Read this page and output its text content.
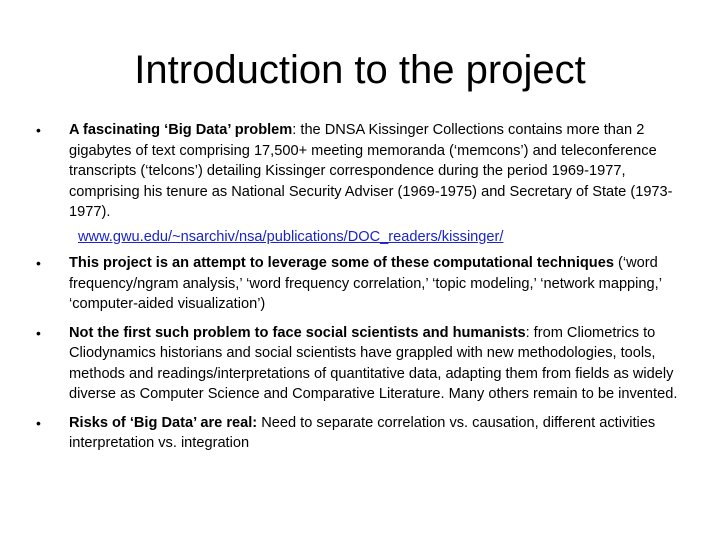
Introduction to the project
• A fascinating ‘Big Data’ problem: the DNSA Kissinger Collections contains more than 2 gigabytes of text comprising 17,500+ meeting memoranda (‘memcons’) and teleconference transcripts (‘telcons’) detailing Kissinger correspondence during the period 1969-1977, comprising his tenure as National Security Adviser (1969-1975) and Secretary of State (1973-1977).
www.gwu.edu/~nsarchiv/nsa/publications/DOC_readers/kissinger/
• This project is an attempt to leverage some of these computational techniques (‘word frequency/ngram analysis,’ ‘word frequency correlation,’ ‘topic modeling,’ ‘network mapping,’ ‘computer-aided visualization’)
• Not the first such problem to face social scientists and humanists: from Cliometrics to Cliodynamics historians and social scientists have grappled with new methodologies, tools, methods and readings/interpretations of quantitative data, adapting them from fields as widely diverse as Computer Science and Comparative Literature. Many others remain to be invented.
• Risks of ‘Big Data’ are real: Need to separate correlation vs. causation, different activities interpretation vs. integration
